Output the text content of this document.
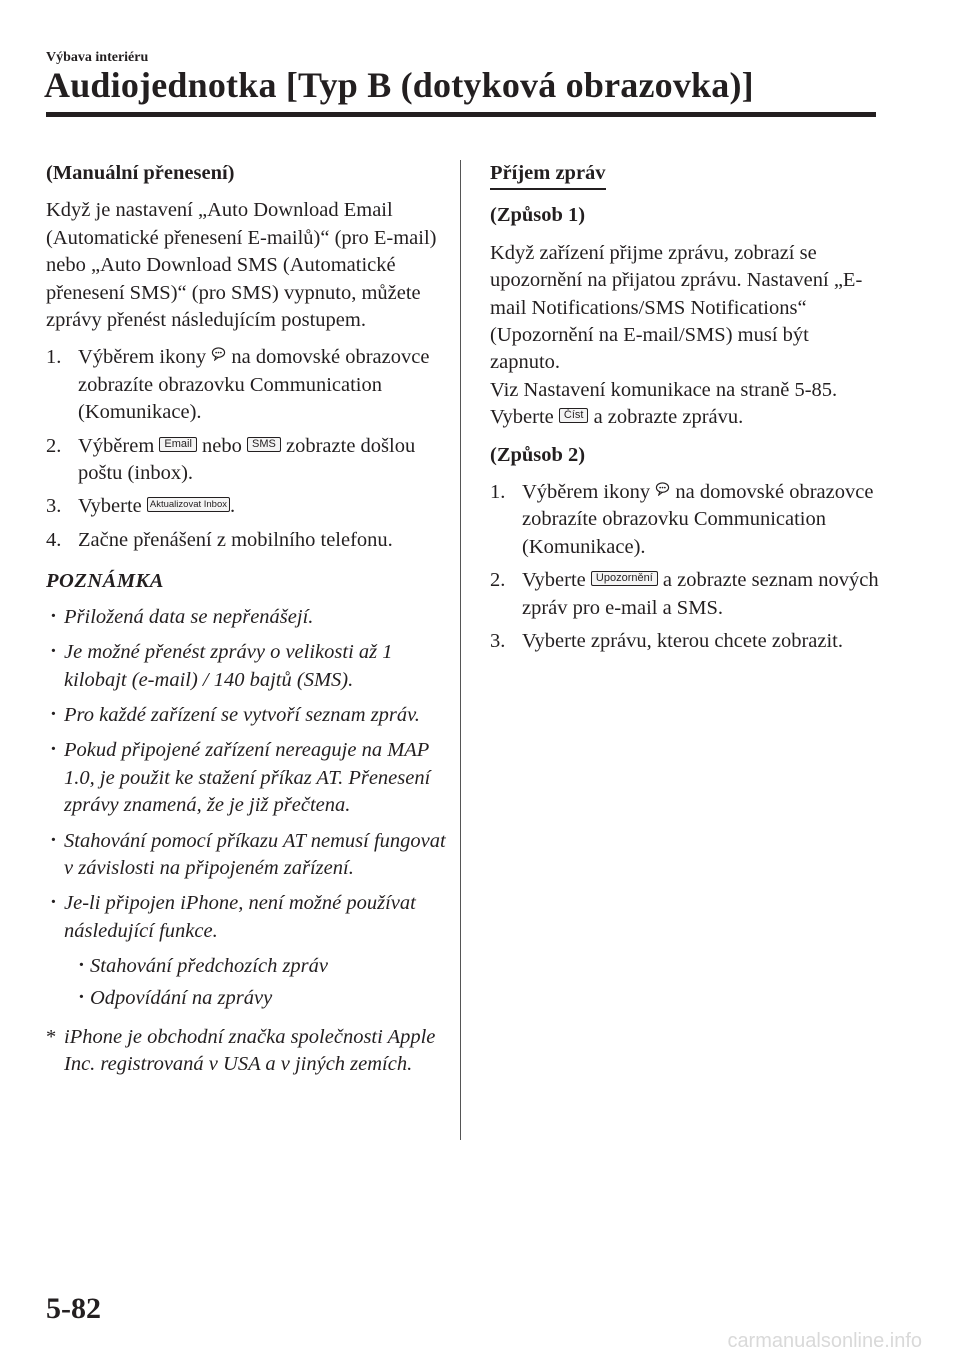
Výbava interiéru
Audiojednotka [Typ B (dotyková obrazovka)]

(Manuální přenesení)

Když je nastavení „Auto Download Email (Automatické přenesení E-mailů)“ (pro E-mail) nebo „Auto Download SMS (Automatické přenesení SMS)“ (pro SMS) vypnuto, můžete zprávy přenést následujícím postupem.

1. Výběrem ikony na domovské obrazovce zobrazíte obrazovku Communication (Komunikace).
2. Výběrem Email nebo SMS zobrazte došlou poštu (inbox).
3. Vyberte Aktualizovat Inbox .
4. Začne přenášení z mobilního telefonu.
POZNÁMKA
· Přiložená data se nepřenášejí.
· Je možné přenést zprávy o velikosti až 1 kilobajt (e-mail) / 140 bajtů (SMS).
· Pro každé zařízení se vytvoří seznam zpráv.
· Pokud připojené zařízení nereaguje na MAP 1.0, je použit ke stažení příkaz AT. Přenesení zprávy znamená, že je již přečtena.
· Stahování pomocí příkazu AT nemusí fungovat v závislosti na připojeném zařízení.
· Je-li připojen iPhone, není možné používat následující funkce.
· Stahování předchozích zpráv
· Odpovídání na zprávy
* iPhone je obchodní značka společnosti Apple Inc. registrovaná v USA a v jiných zemích.

Příjem zpráv

(Způsob 1)

Když zařízení přijme zprávu, zobrazí se upozornění na přijatou zprávu. Nastavení „E-mail Notifications/SMS Notifications“ (Upozornění na E-mail/SMS) musí být zapnuto.

Viz Nastavení komunikace na straně 5-85.

Vyberte Číst a zobrazte zprávu.

(Způsob 2)

1. Výběrem ikony na domovské obrazovce zobrazíte obrazovku Communication (Komunikace).
2. Vyberte Upozornění a zobrazte seznam nových zpráv pro e-mail a SMS.
3. Vyberte zprávu, kterou chcete zobrazit.
5-82
carmanualsonline.info
